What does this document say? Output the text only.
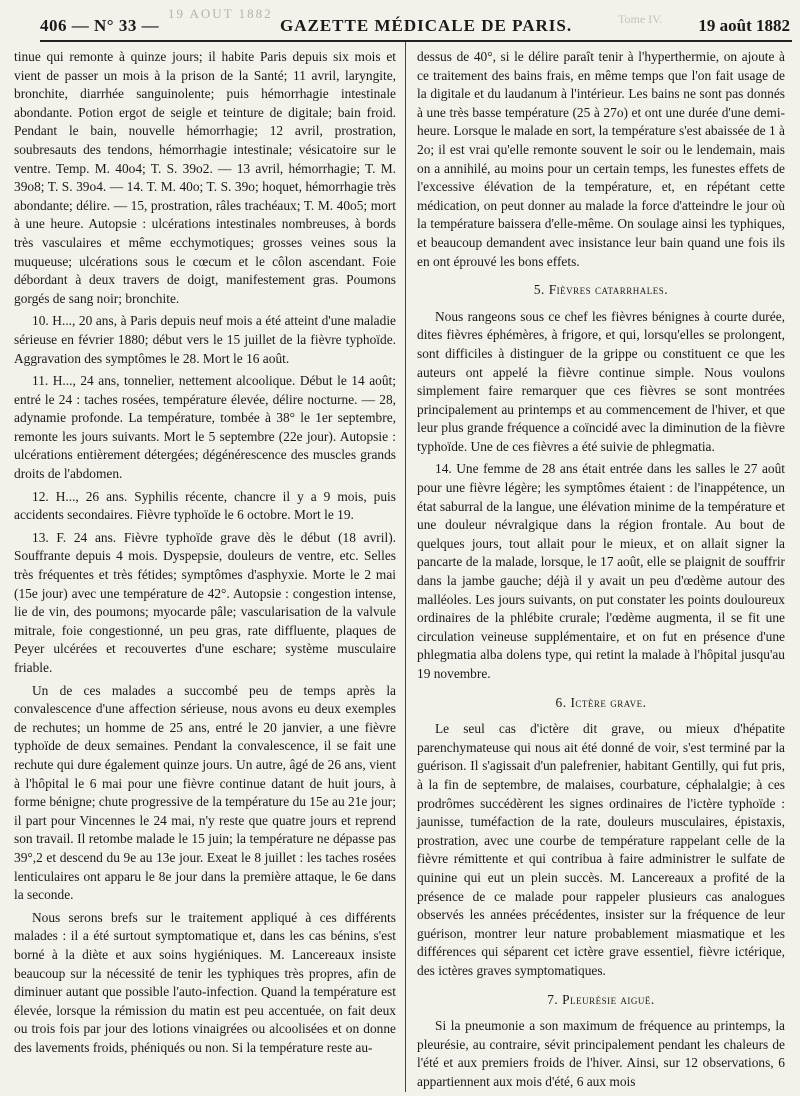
406 — N° 33 —
19 AOUT 1882
GAZETTE MÉDICALE DE PARIS.	Tome IV. 19 août 1882

tinue qui remonte à quinze jours; il habite Paris depuis six mois et vient de passer un mois à la prison de la Santé; 11 avril, laryngite, bronchite, diarrhée sanguinolente; puis hémorrhagie intestinale abondante. Potion ergot de seigle et teinture de digitale; bain froid. Pendant le bain, nouvelle hémorrhagie; 12 avril, prostration, soubresauts des tendons, hémorrhagie intestinale; vésicatoire sur le ventre. Temp. M. 40o4; T. S. 39o2. — 13 avril, hémorrhagie; T. M. 39o8; T. S. 39o4. — 14. T. M. 40o; T. S. 39o; hoquet, hémorrhagie très abondante; délire. — 15, prostration, râles trachéaux; T. M. 40o5; mort à une heure. Autopsie : ulcérations intestinales nombreuses, à bords très vasculaires et même ecchymotiques; grosses veines sous la muqueuse; ulcérations sous le cœcum et le côlon ascendant. Foie débordant à deux travers de doigt, manifestement gras. Poumons gorgés de sang noir; bronchite.

10. H..., 20 ans, à Paris depuis neuf mois a été atteint d'une maladie sérieuse en février 1880; début vers le 15 juillet de la fièvre typhoïde. Aggravation des symptômes le 28. Mort le 16 août.

11. H..., 24 ans, tonnelier, nettement alcoolique. Début le 14 août; entré le 24 : taches rosées, température élevée, délire nocturne. — 28, adynamie profonde. La température, tombée à 38° le 1er septembre, remonte les jours suivants. Mort le 5 septembre (22e jour). Autopsie : ulcérations entièrement détergées; dégénérescence des muscles grands droits de l'abdomen.

12. H..., 26 ans. Syphilis récente, chancre il y a 9 mois, puis accidents secondaires. Fièvre typhoïde le 6 octobre. Mort le 19.

13. F. 24 ans. Fièvre typhoïde grave dès le début (18 avril). Souffrante depuis 4 mois. Dyspepsie, douleurs de ventre, etc. Selles très fréquentes et très fétides; symptômes d'asphyxie. Morte le 2 mai (15e jour) avec une température de 42°. Autopsie : congestion intense, lie de vin, des poumons; myocarde pâle; vascularisation de la valvule mitrale, foie congestionné, un peu gras, rate diffluente, plaques de Peyer ulcérées et recouvertes d'une eschare; système musculaire friable.

Un de ces malades a succombé peu de temps après la convalescence d'une affection sérieuse, nous avons eu deux exemples de rechutes; un homme de 25 ans, entré le 20 janvier, a une fièvre typhoïde de deux semaines. Pendant la convalescence, il se fait une rechute qui dure également quinze jours. Un autre, âgé de 26 ans, vient à l'hôpital le 6 mai pour une fièvre continue datant de huit jours, à forme bénigne; chute progressive de la température du 15e au 21e jour; il part pour Vincennes le 24 mai, n'y reste que quatre jours et reprend son travail. Il retombe malade le 15 juin; la température ne dépasse pas 39°,2 et descend du 9e au 13e jour. Exeat le 8 juillet : les taches rosées lenticulaires ont apparu le 8e jour dans la première attaque, le 6e dans la seconde.

Nous serons brefs sur le traitement appliqué à ces différents malades : il a été surtout symptomatique et, dans les cas bénins, s'est borné à la diète et aux soins hygiéniques. M. Lancereaux insiste beaucoup sur la nécessité de tenir les typhiques très propres, afin de diminuer autant que possible l'auto-infection. Quand la température est élevée, lorsque la rémission du matin est peu accentuée, on fait deux ou trois fois par jour des lotions vinaigrées ou alcoolisées et on donne des lavements froids, phéniqués ou non. Si la température reste au-

dessus de 40°, si le délire paraît tenir à l'hyperthermie, on ajoute à ce traitement des bains frais, en même temps que l'on fait usage de la digitale et du laudanum à l'intérieur. Les bains ne sont pas donnés à une très basse température (25 à 27o) et ont une durée d'une demi-heure. Lorsque le malade en sort, la température s'est abaissée de 1 à 2o; il est vrai qu'elle remonte souvent le soir ou le lendemain, mais on a annihilé, au moins pour un certain temps, les funestes effets de l'excessive élévation de la température, et, en répétant cette médication, on peut donner au malade la force d'atteindre le jour où la température baissera d'elle-même. On soulage ainsi les typhiques, et beaucoup demandent avec insistance leur bain quand une fois ils en ont éprouvé les bons effets.

5. Fièvres catarrhales.

Nous rangeons sous ce chef les fièvres bénignes à courte durée, dites fièvres éphémères, à frigore, et qui, lorsqu'elles se prolongent, sont difficiles à distinguer de la grippe ou constituent ce que les auteurs ont appelé la fièvre continue simple. Nous voulons simplement faire remarquer que ces fièvres se sont montrées principalement au printemps et au commencement de l'hiver, et que leur plus grande fréquence a coïncidé avec la diminution de la fièvre typhoïde. Une de ces fièvres a été suivie de phlegmatia.

14. Une femme de 28 ans était entrée dans les salles le 27 août pour une fièvre légère; les symptômes étaient : de l'inappétence, un état saburral de la langue, une élévation minime de la température et une douleur névralgique dans la région frontale. Au bout de quelques jours, tout allait pour le mieux, et on allait signer la pancarte de la malade, lorsque, le 17 août, elle se plaignit de souffrir dans la jambe gauche; déjà il y avait un peu d'œdème autour des malléoles. Les jours suivants, on put constater les points douloureux ordinaires de la phlébite crurale; l'œdème augmenta, il se fit une circulation veineuse supplémentaire, et on fut en présence d'une phlegmatia alba dolens type, qui retint la malade à l'hôpital jusqu'au 19 novembre.

6. Ictère grave.

Le seul cas d'ictère dit grave, ou mieux d'hépatite parenchymateuse qui nous ait été donné de voir, s'est terminé par la guérison. Il s'agissait d'un palefrenier, habitant Gentilly, qui fut pris, à la fin de septembre, de malaises, courbature, céphalalgie; à ces prodrômes succédèrent les signes ordinaires de l'ictère typhoïde : jaunisse, tuméfaction de la rate, douleurs musculaires, épistaxis, prostration, avec une courbe de température rappelant celle de la fièvre rémittente et qui contribua à faire administrer le sulfate de quinine qui eut un plein succès. M. Lancereaux a profité de la présence de ce malade pour rappeler plusieurs cas analogues observés les années précédentes, insister sur la fréquence de leur guérison, montrer leur nature probablement miasmatique et les différences qui séparent cet ictère grave essentiel, fièvre ictérique, des ictères graves symptomatiques.

7. Pleurésie aiguë.

Si la pneumonie a son maximum de fréquence au printemps, la pleurésie, au contraire, sévit principalement pendant les chaleurs de l'été et aux premiers froids de l'hiver. Ainsi, sur 12 observations, 6 appartiennent aux mois d'été, 6 aux mois
